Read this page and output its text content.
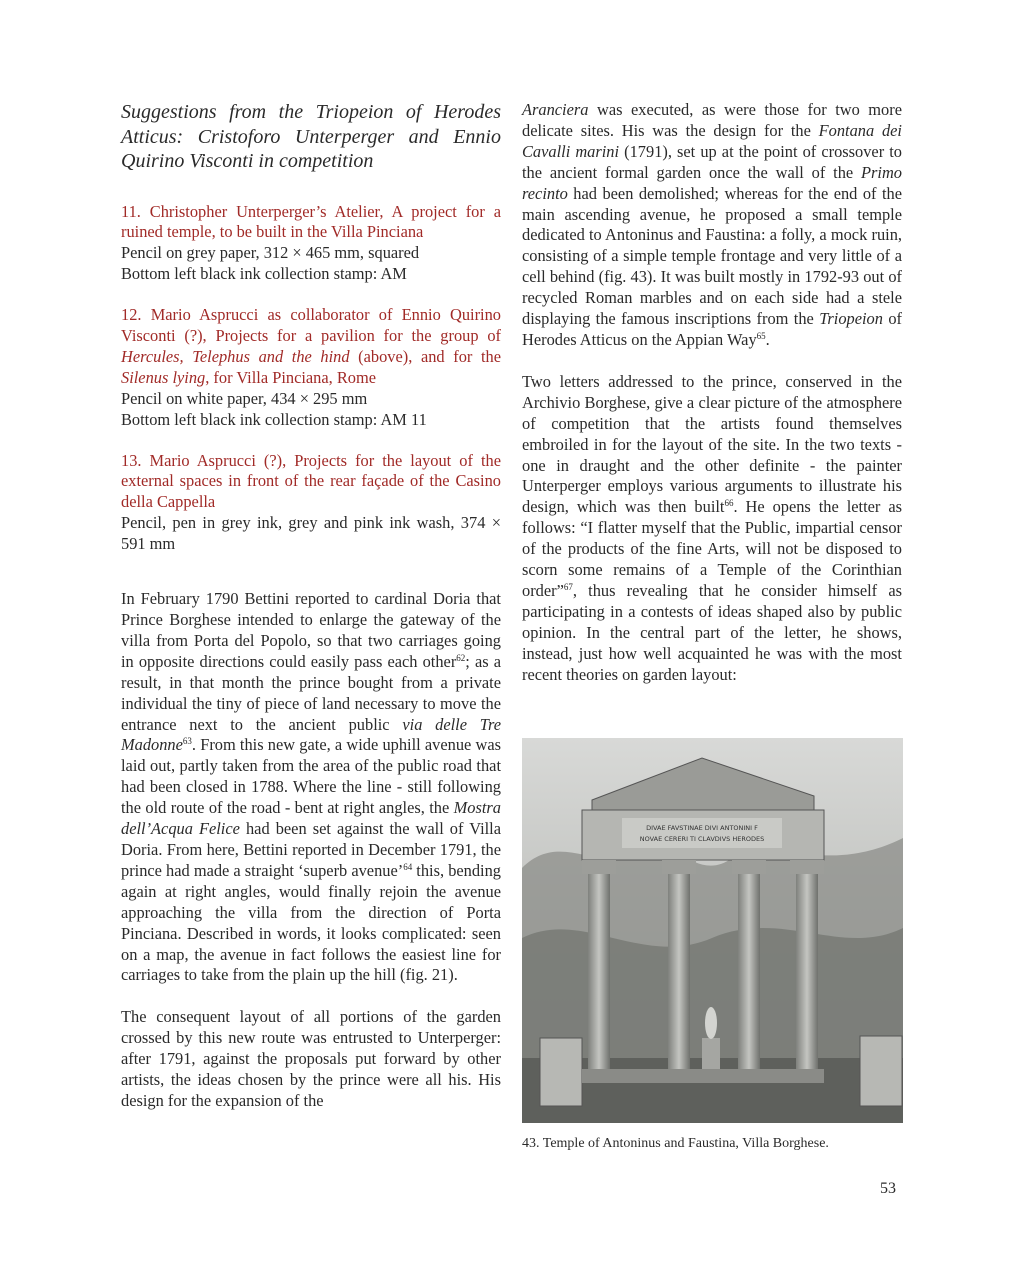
Suggestions from the Triopeion of Herodes Atticus: Cristoforo Unterperger and Ennio Quirino Visconti in competition

11. Christopher Unterperger’s Atelier, A project for a ruined temple, to be built in the Villa Pinciana

Pencil on grey paper, 312 × 465 mm, squared

Bottom left black ink collection stamp: AM

12. Mario Asprucci as collaborator of Ennio Quirino Visconti (?), Projects for a pavilion for the group of Hercules, Telephus and the hind (above), and for the Silenus lying, for Villa Pinciana, Rome

Pencil on white paper, 434 × 295 mm

Bottom left black ink collection stamp: AM 11

13. Mario Asprucci (?), Projects for the layout of the external spaces in front of the rear façade of the Casino della Cappella

Pencil, pen in grey ink, grey and pink ink wash, 374 × 591 mm

In February 1790 Bettini reported to cardinal Doria that Prince Borghese intended to enlarge the gateway of the villa from Porta del Popolo, so that two carriages going in opposite directions could easily pass each other$^{62}$; as a result, in that month the prince bought from a private individual the tiny of piece of land necessary to move the entrance next to the ancient public via delle Tre Madonne$^{63}$. From this new gate, a wide uphill avenue was laid out, partly taken from the area of the public road that had been closed in 1788. Where the line - still following the old route of the road - bent at right angles, the Mostra dell’Acqua Felice had been set against the wall of Villa Doria. From here, Bettini reported in December 1791, the prince had made a straight ‘superb avenue’$^{64}$ this, bending again at right angles, would finally rejoin the avenue approaching the villa from the direction of Porta Pinciana. Described in words, it looks complicated: seen on a map, the avenue in fact follows the easiest line for carriages to take from the plain up the hill (fig. 21).

The consequent layout of all portions of the garden crossed by this new route was entrusted to Unterperger: after 1791, against the proposals put forward by other artists, the ideas chosen by the prince were all his. His design for the expansion of the

Aranciera was executed, as were those for two more delicate sites. His was the design for the Fontana dei Cavalli marini (1791), set up at the point of crossover to the ancient formal garden once the wall of the Primo recinto had been demolished; whereas for the end of the main ascending avenue, he proposed a small temple dedicated to Antoninus and Faustina: a folly, a mock ruin, consisting of a simple temple frontage and very little of a cell behind (fig. 43). It was built mostly in 1792-93 out of recycled Roman marbles and on each side had a stele displaying the famous inscriptions from the Triopeion of Herodes Atticus on the Appian Way$^{65}$.

Two letters addressed to the prince, conserved in the Archivio Borghese, give a clear picture of the atmosphere of competition that the artists found themselves embroiled in for the layout of the site. In the two texts - one in draught and the other definite - the painter Unterperger employs various arguments to illustrate his design, which was then built$^{66}$. He opens the letter as follows: “I flatter myself that the Public, impartial censor of the products of the fine Arts, will not be disposed to scorn some remains of a Temple of the Corinthian order”$^{67}$, thus revealing that he consider himself as participating in a contests of ideas shaped also by public opinion. In the central part of the letter, he shows, instead, just how well acquainted he was with the most recent theories on garden layout:

DIVAE FAVSTINAE DIVI ANTONINI F
NOVAE CERERI TI CLAVDIVS HERODES
43. Temple of Antoninus and Faustina, Villa Borghese.
53
